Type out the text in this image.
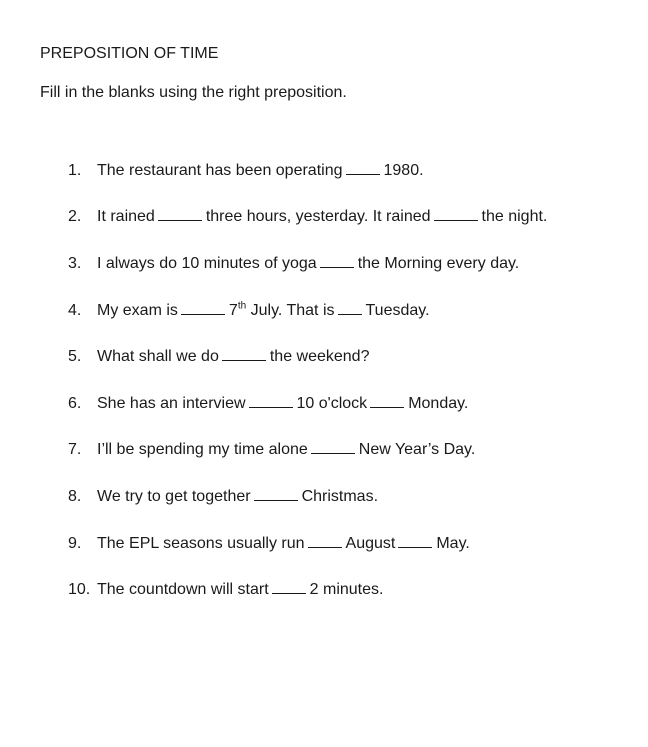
PREPOSITION OF TIME
Fill in the blanks using the right preposition.
1. The restaurant has been operating	1980.
2. It rained	three hours, yesterday. It rained	the night.
3. I always do 10 minutes of yoga	the Morning every day.
4. My exam is	7th July. That is Tuesday.
5. What shall we do	the weekend?
6. She has an interview	10 o'clock	Monday.
7. I’ll be spending my time alone	New Year’s Day.
8. We try to get together	Christmas.
9. The EPL seasons usually run	August	May.
10. The countdown will start	2 minutes.
